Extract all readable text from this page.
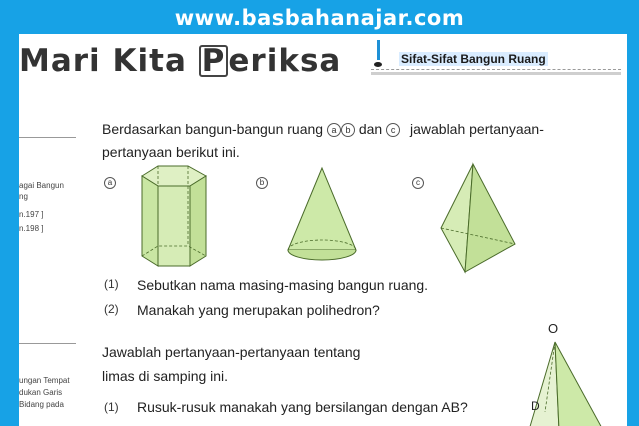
www.basbahanajar.com
Mari Kita Periksa	Sifat-Sifat Bangun Ruang
agai Bangun
ng
n.197 ]
n.198 ]
ungan Tempat
dukan Garis
Bidang pada
Berdasarkan bangun-bangun ruang a b dan c jawablah pertanyaan-
pertanyaan berikut ini.
a	b	c
(1) Sebutkan nama masing-masing bangun ruang.
(2) Manakah yang merupakan polihedron?
Jawablah pertanyaan-pertanyaan tentang
limas di samping ini.
(1) Rusuk-rusuk manakah yang bersilangan dengan AB?
O
D
